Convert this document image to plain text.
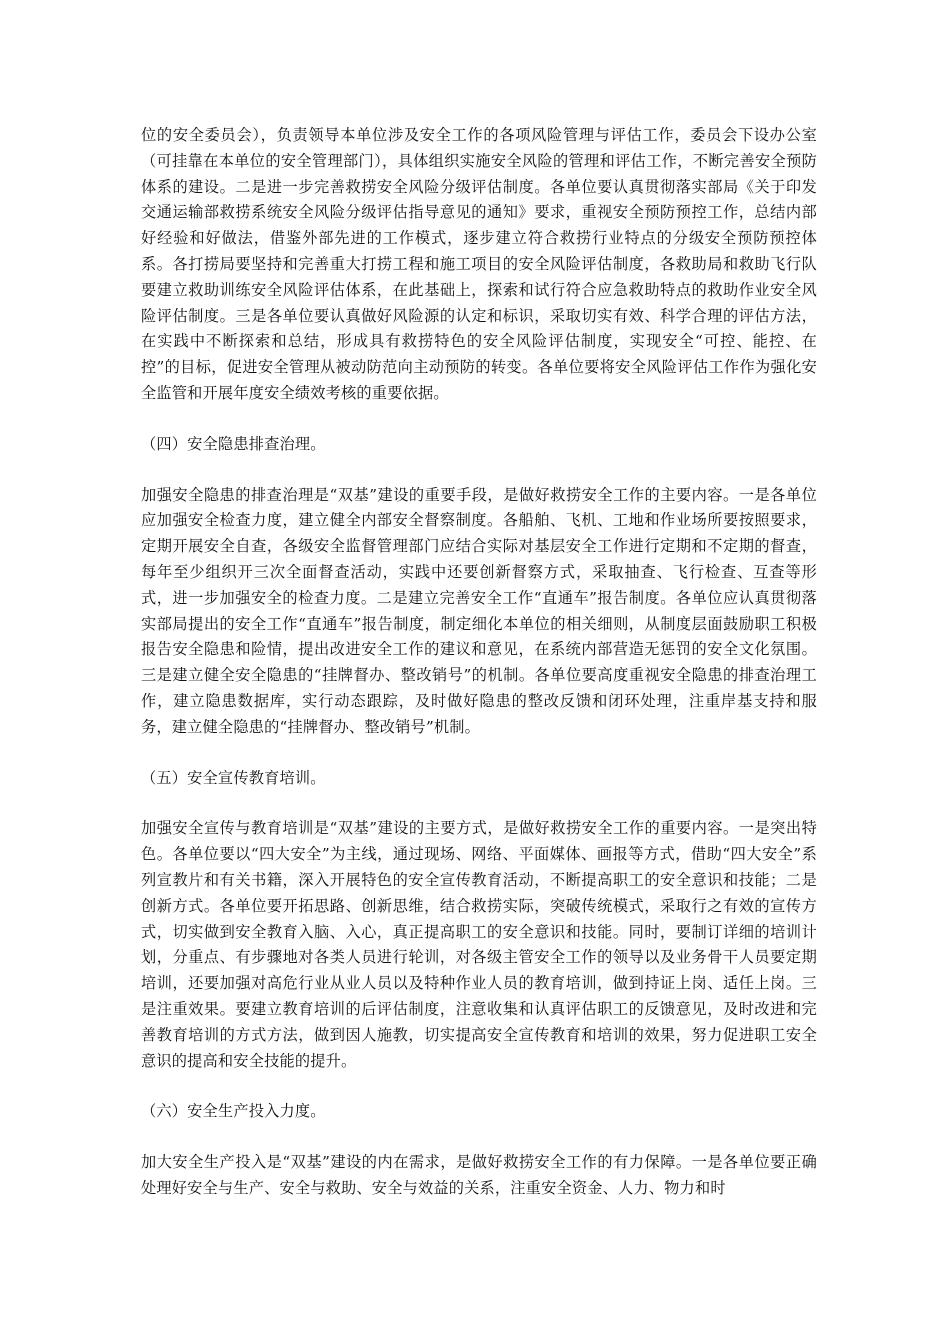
位的安全委员会），负责领导本单位涉及安全工作的各项风险管理与评估工作，委员会下设办公室（可挂靠在本单位的安全管理部门），具体组织实施安全风险的管理和评估工作，不断完善安全预防体系的建设。二是进一步完善救捞安全风险分级评估制度。各单位要认真贯彻落实部局《关于印发交通运输部救捞系统安全风险分级评估指导意见的通知》要求，重视安全预防预控工作，总结内部好经验和好做法，借鉴外部先进的工作模式，逐步建立符合救捞行业特点的分级安全预防预控体系。各打捞局要坚持和完善重大打捞工程和施工项目的安全风险评估制度，各救助局和救助飞行队要建立救助训练安全风险评估体系，在此基础上，探索和试行符合应急救助特点的救助作业安全风险评估制度。三是各单位要认真做好风险源的认定和标识，采取切实有效、科学合理的评估方法，在实践中不断探索和总结，形成具有救捞特色的安全风险评估制度，实现安全“可控、能控、在控”的目标，促进安全管理从被动防范向主动预防的转变。各单位要将安全风险评估工作作为强化安全监管和开展年度安全绩效考核的重要依据。

（四）安全隐患排查治理。

加强安全隐患的排查治理是“双基”建设的重要手段，是做好救捞安全工作的主要内容。一是各单位应加强安全检查力度，建立健全内部安全督察制度。各船舶、飞机、工地和作业场所要按照要求，定期开展安全自查，各级安全监督管理部门应结合实际对基层安全工作进行定期和不定期的督查，每年至少组织开三次全面督查活动，实践中还要创新督察方式，采取抽查、飞行检查、互查等形式，进一步加强安全的检查力度。二是建立完善安全工作“直通车”报告制度。各单位应认真贯彻落实部局提出的安全工作“直通车”报告制度，制定细化本单位的相关细则，从制度层面鼓励职工积极报告安全隐患和险情，提出改进安全工作的建议和意见，在系统内部营造无惩罚的安全文化氛围。三是建立健全安全隐患的“挂牌督办、整改销号”的机制。各单位要高度重视安全隐患的排查治理工作，建立隐患数据库，实行动态跟踪，及时做好隐患的整改反馈和闭环处理，注重岸基支持和服务，建立健全隐患的“挂牌督办、整改销号”机制。

（五）安全宣传教育培训。

加强安全宣传与教育培训是“双基”建设的主要方式，是做好救捞安全工作的重要内容。一是突出特色。各单位要以“四大安全”为主线，通过现场、网络、平面媒体、画报等方式，借助“四大安全”系列宣教片和有关书籍，深入开展特色的安全宣传教育活动，不断提高职工的安全意识和技能；二是创新方式。各单位要开拓思路、创新思维，结合救捞实际，突破传统模式，采取行之有效的宣传方式，切实做到安全教育入脑、入心，真正提高职工的安全意识和技能。同时，要制订详细的培训计划，分重点、有步骤地对各类人员进行轮训，对各级主管安全工作的领导以及业务骨干人员要定期培训，还要加强对高危行业从业人员以及特种作业人员的教育培训，做到持证上岗、适任上岗。三是注重效果。要建立教育培训的后评估制度，注意收集和认真评估职工的反馈意见，及时改进和完善教育培训的方式方法，做到因人施教，切实提高安全宣传教育和培训的效果，努力促进职工安全意识的提高和安全技能的提升。

（六）安全生产投入力度。

加大安全生产投入是“双基”建设的内在需求，是做好救捞安全工作的有力保障。一是各单位要正确处理好安全与生产、安全与救助、安全与效益的关系，注重安全资金、人力、物力和时
